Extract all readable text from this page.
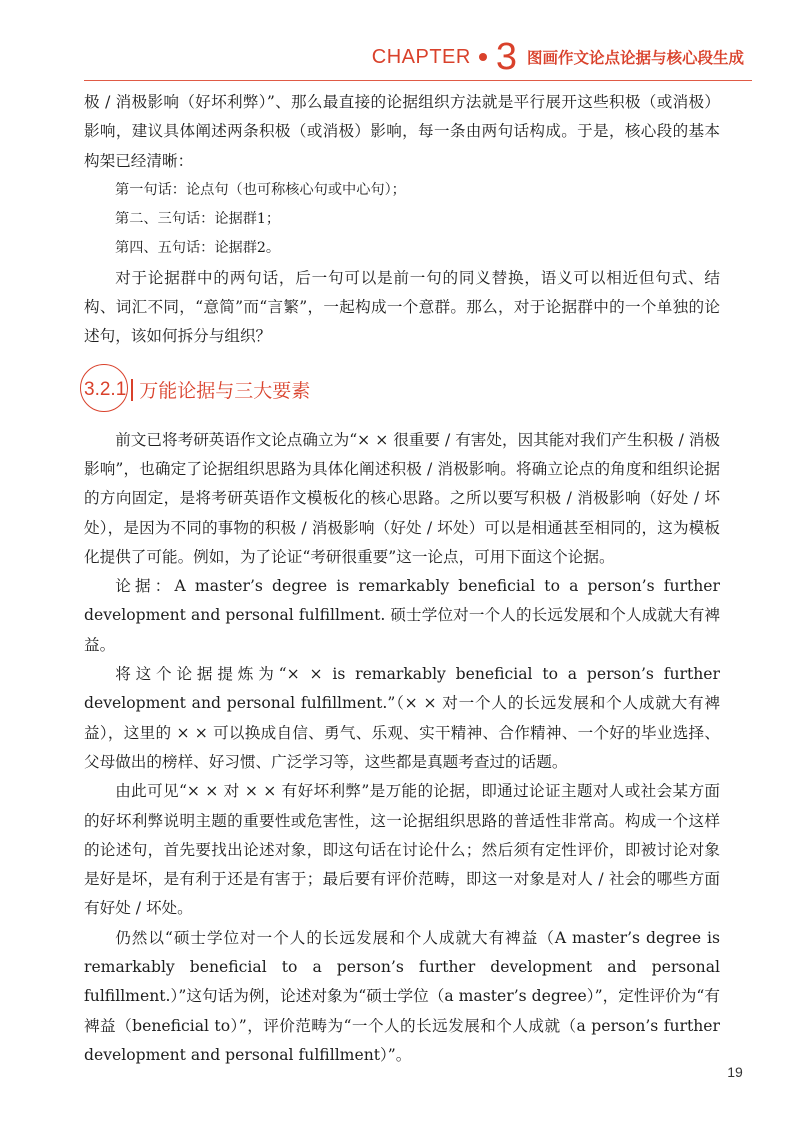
CHAPTER 3 图画作文论点论据与核心段生成

极 / 消极影响（好坏利弊）”、那么最直接的论据组织方法就是平行展开这些积极（或消极）影响，建议具体阐述两条积极（或消极）影响，每一条由两句话构成。于是，核心段的基本构架已经清晰：

第一句话：论点句（也可称核心句或中心句）；

第二、三句话：论据群1；

第四、五句话：论据群2。

对于论据群中的两句话，后一句可以是前一句的同义替换，语义可以相近但句式、结构、词汇不同，“意简”而“言繁”，一起构成一个意群。那么，对于论据群中的一个单独的论述句，该如何拆分与组织？

3.2.1 万能论据与三大要素

前文已将考研英语作文论点确立为“× × 很重要 / 有害处，因其能对我们产生积极 / 消极影响”，也确定了论据组织思路为具体化阐述积极 / 消极影响。将确立论点的角度和组织论据的方向固定，是将考研英语作文模板化的核心思路。之所以要写积极 / 消极影响（好处 / 坏处），是因为不同的事物的积极 / 消极影响（好处 / 坏处）可以是相通甚至相同的，这为模板化提供了可能。例如，为了论证“考研很重要”这一论点，可用下面这个论据。

论据：A master’s degree is remarkably beneficial to a person’s further development and personal fulfillment. 硕士学位对一个人的长远发展和个人成就大有裨益。

将这个论据提炼为“× × is remarkably beneficial to a person’s further development and personal fulfillment.”（× × 对一个人的长远发展和个人成就大有裨益），这里的 × × 可以换成自信、勇气、乐观、实干精神、合作精神、一个好的毕业选择、父母做出的榜样、好习惯、广泛学习等，这些都是真题考查过的话题。

由此可见“× × 对 × × 有好坏利弊”是万能的论据，即通过论证主题对人或社会某方面的好坏利弊说明主题的重要性或危害性，这一论据组织思路的普适性非常高。构成一个这样的论述句，首先要找出论述对象，即这句话在讨论什么；然后须有定性评价，即被讨论对象是好是坏，是有利于还是有害于；最后要有评价范畴，即这一对象是对人 / 社会的哪些方面有好处 / 坏处。

仍然以“硕士学位对一个人的长远发展和个人成就大有裨益（A master’s degree is remarkably beneficial to a person’s further development and personal fulfillment.）”这句话为例，论述对象为“硕士学位（a master’s degree）”，定性评价为“有裨益（beneficial to）”，评价范畴为“一个人的长远发展和个人成就（a person’s further development and personal fulfillment）”。

19
